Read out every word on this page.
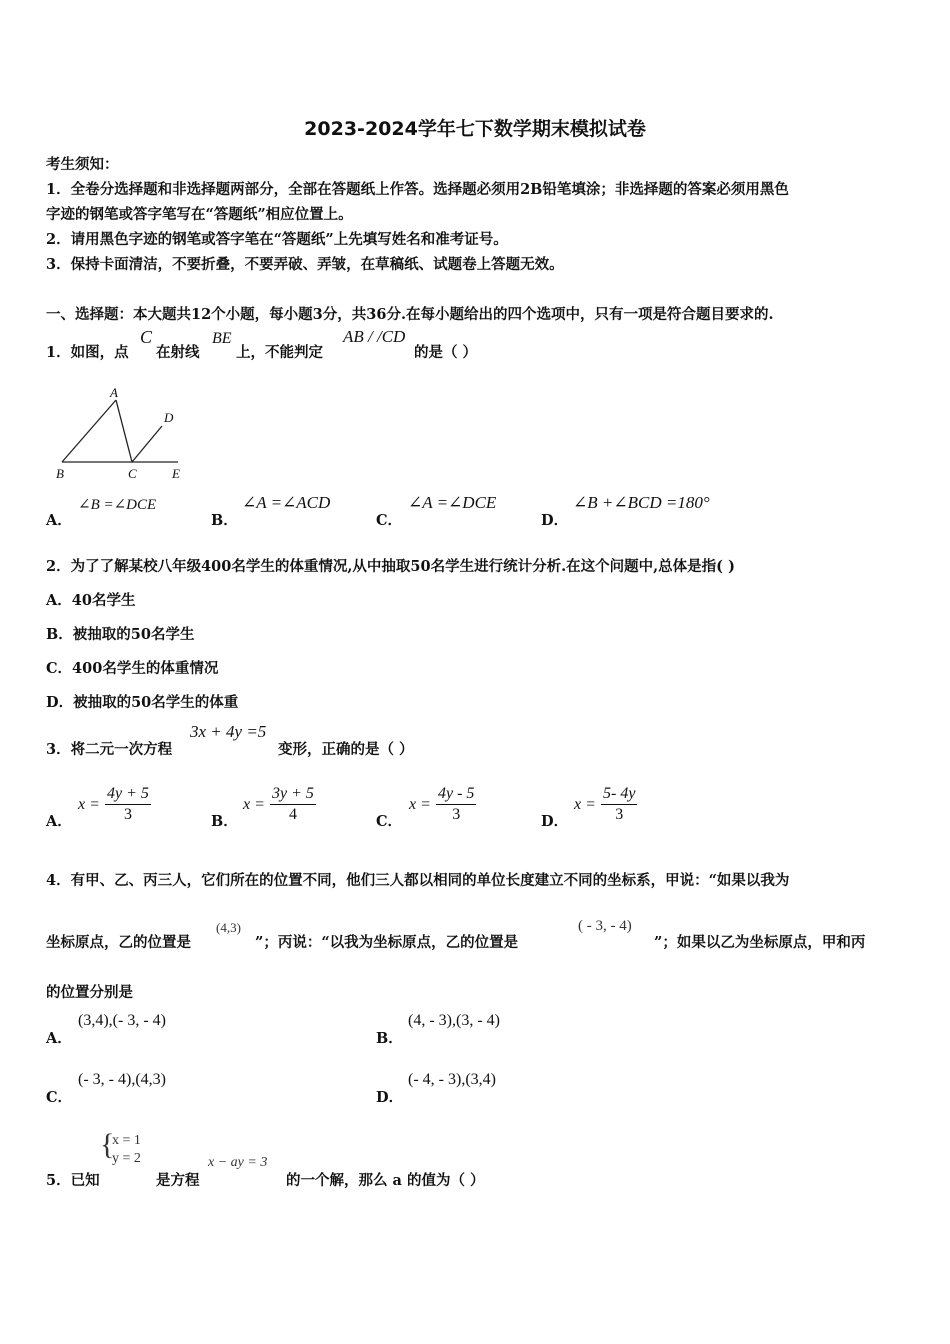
2023-2024学年七下数学期末模拟试卷
考生须知：
1．全卷分选择题和非选择题两部分，全部在答题纸上作答。选择题必须用2B铅笔填涂；非选择题的答案必须用黑色
字迹的钢笔或答字笔写在“答题纸”相应位置上。
2．请用黑色字迹的钢笔或答字笔在“答题纸”上先填写姓名和准考证号。
3．保持卡面清洁，不要折叠，不要弄破、弄皱，在草稿纸、试题卷上答题无效。
一、选择题：本大题共12个小题，每小题3分，共36分.在每小题给出的四个选项中，只有一项是符合题目要求的.
1．如图，点
C
在射线
BE
上，不能判定
AB / /CD
的是（ ）
A
B	C
D
E
A．
∠B =∠DCE
B．
∠A =∠ACD
C．
∠A =∠DCE
D．
∠B +∠BCD =180°
2．为了了解某校八年级400名学生的体重情况,从中抽取50名学生进行统计分析.在这个问题中,总体是指( )
A．40名学生
B．被抽取的50名学生
C．400名学生的体重情况
D．被抽取的50名学生的体重
3．将二元一次方程
3x + 4y =5
变形，正确的是（ ）
A．
$x = \frac{4y + 5}{3}$	B．
$x = \frac{3y + 5}{4}$	C．
$x = \frac{4y - 5}{3}$	D．
$x = \frac{5- 4y}{3}$
4．有甲、乙、丙三人，它们所在的位置不同，他们三人都以相同的单位长度建立不同的坐标系，甲说：“如果以我为
坐标原点，乙的位置是
(4,3)
”；丙说：“以我为坐标原点，乙的位置是
( - 3, - 4)
”；如果以乙为坐标原点，甲和丙
的位置分别是
A．
(3,4),(- 3, - 4)
B．
(4, - 3),(3, - 4)
C．
(- 3, - 4),(4,3)
D．
(- 4, - 3),(3,4)
5．已知
{
x = 1
y = 2
是方程
x − ay = 3
的一个解，那么 a 的值为（ ）
